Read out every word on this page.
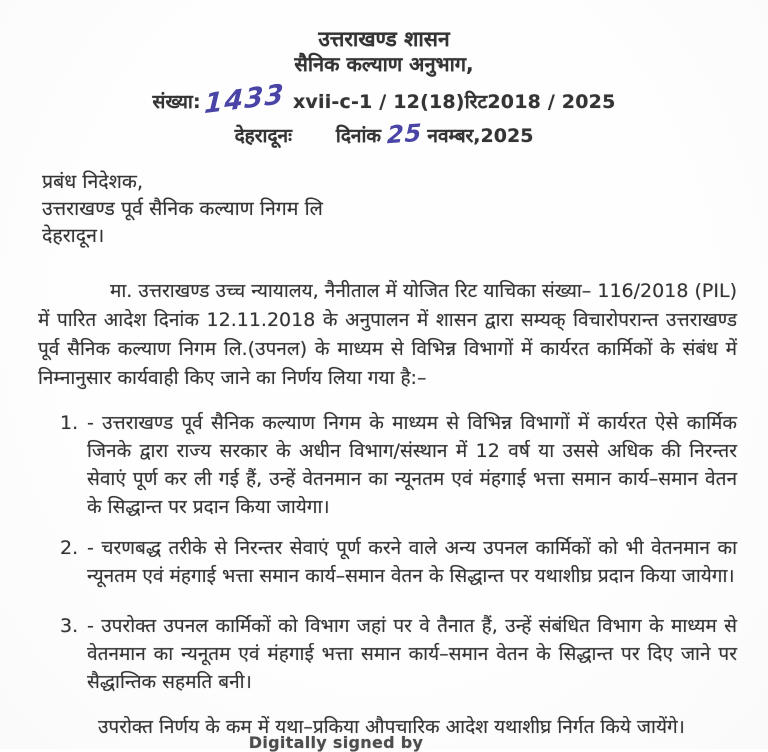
उत्तराखण्ड शासन
सैनिक कल्याण अनुभाग,
संख्या:1433 xvii-c-1 / 12(18)रिट2018 / 2025
देहरादूनः दिनांक 25 नवम्बर,2025
प्रबंध निदेशक,
उत्तराखण्ड पूर्व सैनिक कल्याण निगम लि
देहरादून।

मा. उत्तराखण्ड उच्च न्यायालय, नैनीताल में योजित रिट याचिका संख्या– 116/2018 (PIL) में पारित आदेश दिनांक 12.11.2018 के अनुपालन में शासन द्वारा सम्यक् विचारोपरान्त उत्तराखण्ड पूर्व सैनिक कल्याण निगम लि.(उपनल) के माध्यम से विभिन्न विभागों में कार्यरत कार्मिकों के संबंध में निम्नानुसार कार्यवाही किए जाने का निर्णय लिया गया है:–

1. - उत्तराखण्ड पूर्व सैनिक कल्याण निगम के माध्यम से विभिन्न विभागों में कार्यरत ऐसे कार्मिक जिनके द्वारा राज्य सरकार के अधीन विभाग/संस्थान में 12 वर्ष या उससे अधिक की निरन्तर सेवाएं पूर्ण कर ली गई हैं, उन्हें वेतनमान का न्यूनतम एवं मंहगाई भत्ता समान कार्य–समान वेतन के सिद्धान्त पर प्रदान किया जायेगा।
2. - चरणबद्ध तरीके से निरन्तर सेवाएं पूर्ण करने वाले अन्य उपनल कार्मिकों को भी वेतनमान का न्यूनतम एवं मंहगाई भत्ता समान कार्य–समान वेतन के सिद्धान्त पर यथाशीघ्र प्रदान किया जायेगा।
3. - उपरोक्त उपनल कार्मिकों को विभाग जहां पर वे तैनात हैं, उन्हें संबंधित विभाग के माध्यम से वेतनमान का न्यनूतम एवं मंहगाई भत्ता समान कार्य–समान वेतन के सिद्धान्त पर दिए जाने पर सैद्धान्तिक सहमति बनी।

उपरोक्त निर्णय के कम में यथा–प्रकिया औपचारिक आदेश यथाशीघ्र निर्गत किये जायेंगे।

Digitally signed by
